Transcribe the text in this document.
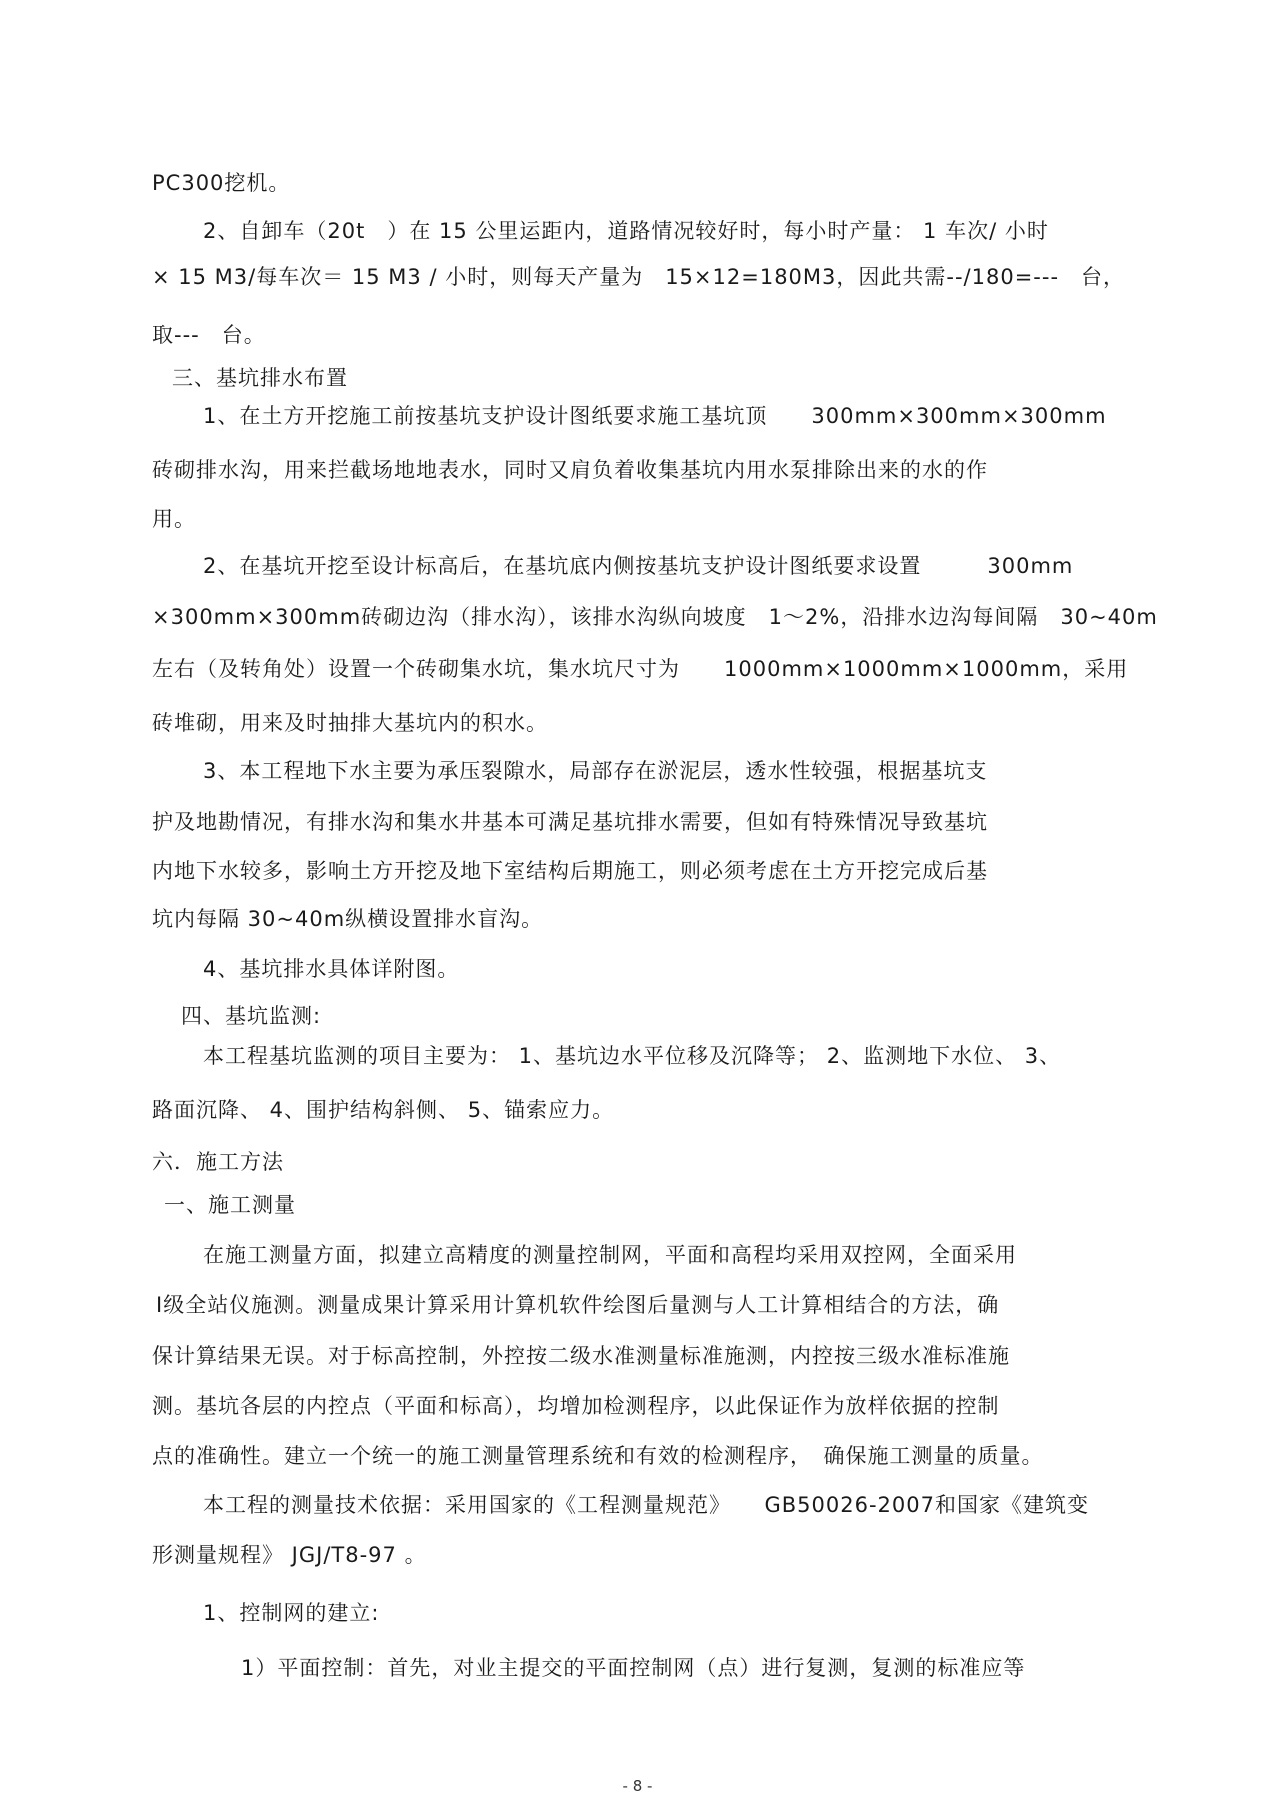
PC300挖机。
2、自卸车（20t　）在 15 公里运距内，道路情况较好时，每小时产量： 1 车次/ 小时
× 15 M3/每车次＝ 15 M3 / 小时，则每天产量为　15×12=180M3，因此共需--/180=---　台，
取---　台。
三、基坑排水布置
1、在土方开挖施工前按基坑支护设计图纸要求施工基坑顶　　300mm×300mm×300mm
砖砌排水沟，用来拦截场地地表水，同时又肩负着收集基坑内用水泵排除出来的水的作
用。
2、在基坑开挖至设计标高后，在基坑底内侧按基坑支护设计图纸要求设置　　　300mm
×300mm×300mm砖砌边沟（排水沟），该排水沟纵向坡度　1～2%，沿排水边沟每间隔　30~40m
左右（及转角处）设置一个砖砌集水坑，集水坑尺寸为　　1000mm×1000mm×1000mm，采用
砖堆砌，用来及时抽排大基坑内的积水。
3、本工程地下水主要为承压裂隙水，局部存在淤泥层，透水性较强，根据基坑支
护及地勘情况，有排水沟和集水井基本可满足基坑排水需要，但如有特殊情况导致基坑
内地下水较多，影响土方开挖及地下室结构后期施工，则必须考虑在土方开挖完成后基
坑内每隔 30~40m纵横设置排水盲沟。
4、基坑排水具体详附图。
四、基坑监测:
本工程基坑监测的项目主要为： 1、基坑边水平位移及沉降等； 2、监测地下水位、 3、
路面沉降、 4、围护结构斜侧、 5、锚索应力。
六．施工方法
一、施工测量
在施工测量方面，拟建立高精度的测量控制网，平面和高程均采用双控网，全面采用
Ⅰ级全站仪施测。测量成果计算采用计算机软件绘图后量测与人工计算相结合的方法，确
保计算结果无误。对于标高控制，外控按二级水准测量标准施测，内控按三级水准标准施
测。基坑各层的内控点（平面和标高），均增加检测程序，以此保证作为放样依据的控制
点的准确性。建立一个统一的施工测量管理系统和有效的检测程序，　确保施工测量的质量。
本工程的测量技术依据：采用国家的《工程测量规范》　　GB50026-2007和国家《建筑变
形测量规程》 JGJ/T8-97 。
1、控制网的建立:
1）平面控制：首先，对业主提交的平面控制网（点）进行复测，复测的标准应等
- 8 -
